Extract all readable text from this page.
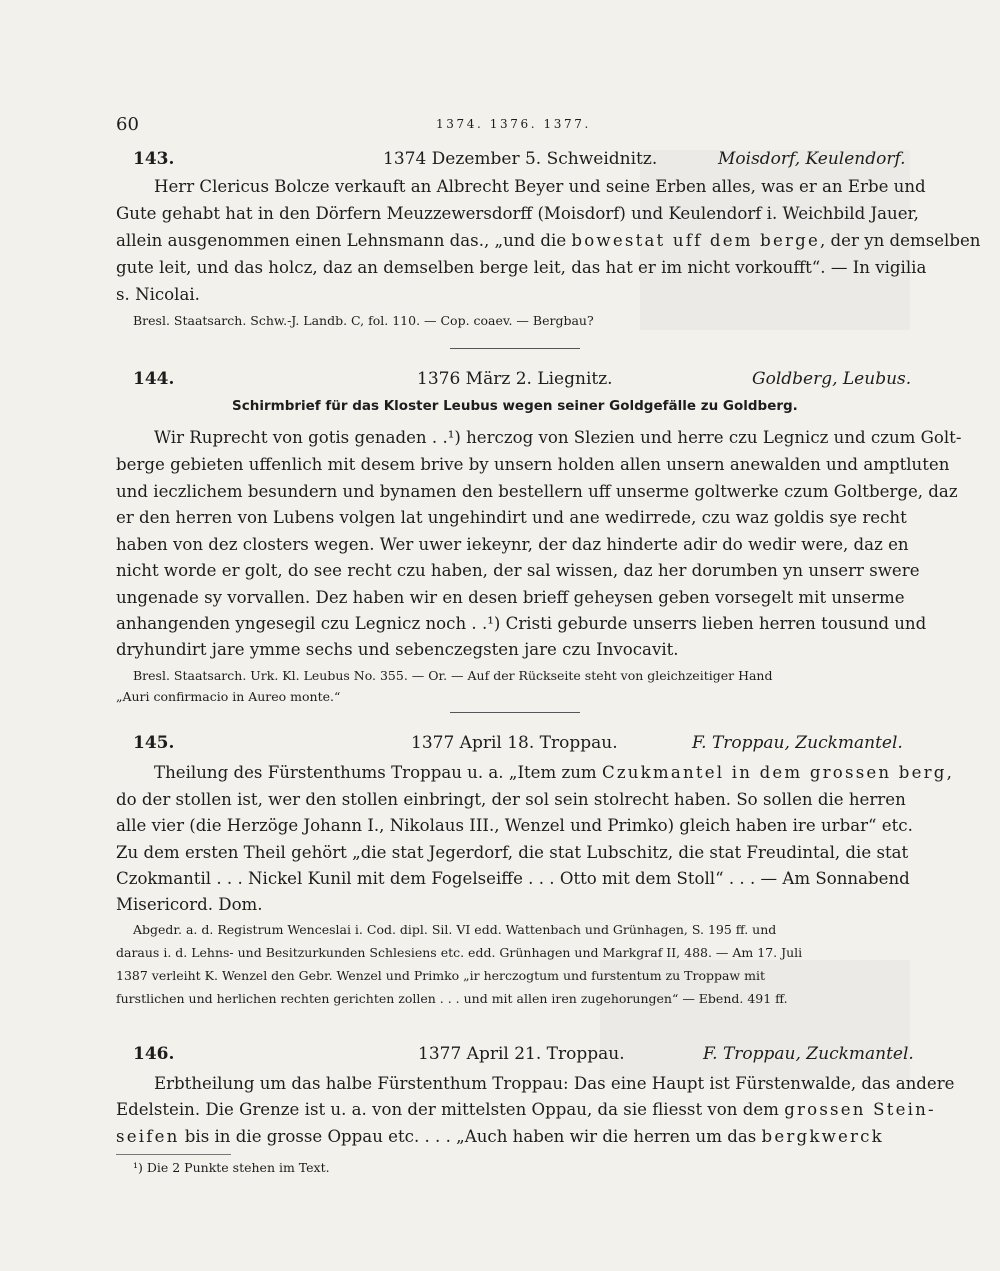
60	1374. 1376. 1377.
143.	1374 Dezember 5. Schweidnitz.	Moisdorf, Keulendorf.
Herr Clericus Bolcze verkauft an Albrecht Beyer und seine Erben alles, was er an Erbe und
Gute gehabt hat in den Dörfern Meuzzewersdorff (Moisdorf) und Keulendorf i. Weichbild Jauer,
allein ausgenommen einen Lehnsmann das., „und die bowestat uff dem berge, der yn demselben
gute leit, und das holcz, daz an demselben berge leit, das hat er im nicht vorkoufft“. — In vigilia
s. Nicolai.
Bresl. Staatsarch. Schw.-J. Landb. C, fol. 110. — Cop. coaev. — Bergbau?
144.	1376 März 2. Liegnitz.	Goldberg, Leubus.
Schirmbrief für das Kloster Leubus wegen seiner Goldgefälle zu Goldberg.
Wir Ruprecht von gotis genaden . .¹) herczog von Slezien und herre czu Legnicz und czum Golt-
berge gebieten uffenlich mit desem brive by unsern holden allen unsern anewalden und amptluten
und ieczlichem besundern und bynamen den bestellern uff unserme goltwerke czum Goltberge, daz
er den herren von Lubens volgen lat ungehindirt und ane wedirrede, czu waz goldis sye recht
haben von dez closters wegen. Wer uwer iekeynr, der daz hinderte adir do wedir were, daz en
nicht worde er golt, do see recht czu haben, der sal wissen, daz her dorumben yn unserr swere
ungenade sy vorvallen. Dez haben wir en desen brieff geheysen geben vorsegelt mit unserme
anhangenden yngesegil czu Legnicz noch . .¹) Cristi geburde unserrs lieben herren tousund und
dryhundirt jare ymme sechs und sebenczegsten jare czu Invocavit.
Bresl. Staatsarch. Urk. Kl. Leubus No. 355. — Or. — Auf der Rückseite steht von gleichzeitiger Hand
„Auri confirmacio in Aureo monte.“
145.	1377 April 18. Troppau.	F. Troppau, Zuckmantel.
Theilung des Fürstenthums Troppau u. a. „Item zum Czukmantel in dem grossen berg,
do der stollen ist, wer den stollen einbringt, der sol sein stolrecht haben. So sollen die herren
alle vier (die Herzöge Johann I., Nikolaus III., Wenzel und Primko) gleich haben ire urbar“ etc.
Zu dem ersten Theil gehört „die stat Jegerdorf, die stat Lubschitz, die stat Freudintal, die stat
Czokmantil . . . Nickel Kunil mit dem Fogelseiffe . . . Otto mit dem Stoll“ . . . — Am Sonnabend
Misericord. Dom.
Abgedr. a. d. Registrum Wenceslai i. Cod. dipl. Sil. VI edd. Wattenbach und Grünhagen, S. 195 ff. und
daraus i. d. Lehns- und Besitzurkunden Schlesiens etc. edd. Grünhagen und Markgraf II, 488. — Am 17. Juli
1387 verleiht K. Wenzel den Gebr. Wenzel und Primko „ir herczogtum und furstentum zu Troppaw mit
furstlichen und herlichen rechten gerichten zollen . . . und mit allen iren zugehorungen“ — Ebend. 491 ff.
146.	1377 April 21. Troppau.	F. Troppau, Zuckmantel.
Erbtheilung um das halbe Fürstenthum Troppau: Das eine Haupt ist Fürstenwalde, das andere
Edelstein. Die Grenze ist u. a. von der mittelsten Oppau, da sie fliesst von dem grossen Stein-
seifen bis in die grosse Oppau etc. . . . „Auch haben wir die herren um das bergkwerck
¹) Die 2 Punkte stehen im Text.
